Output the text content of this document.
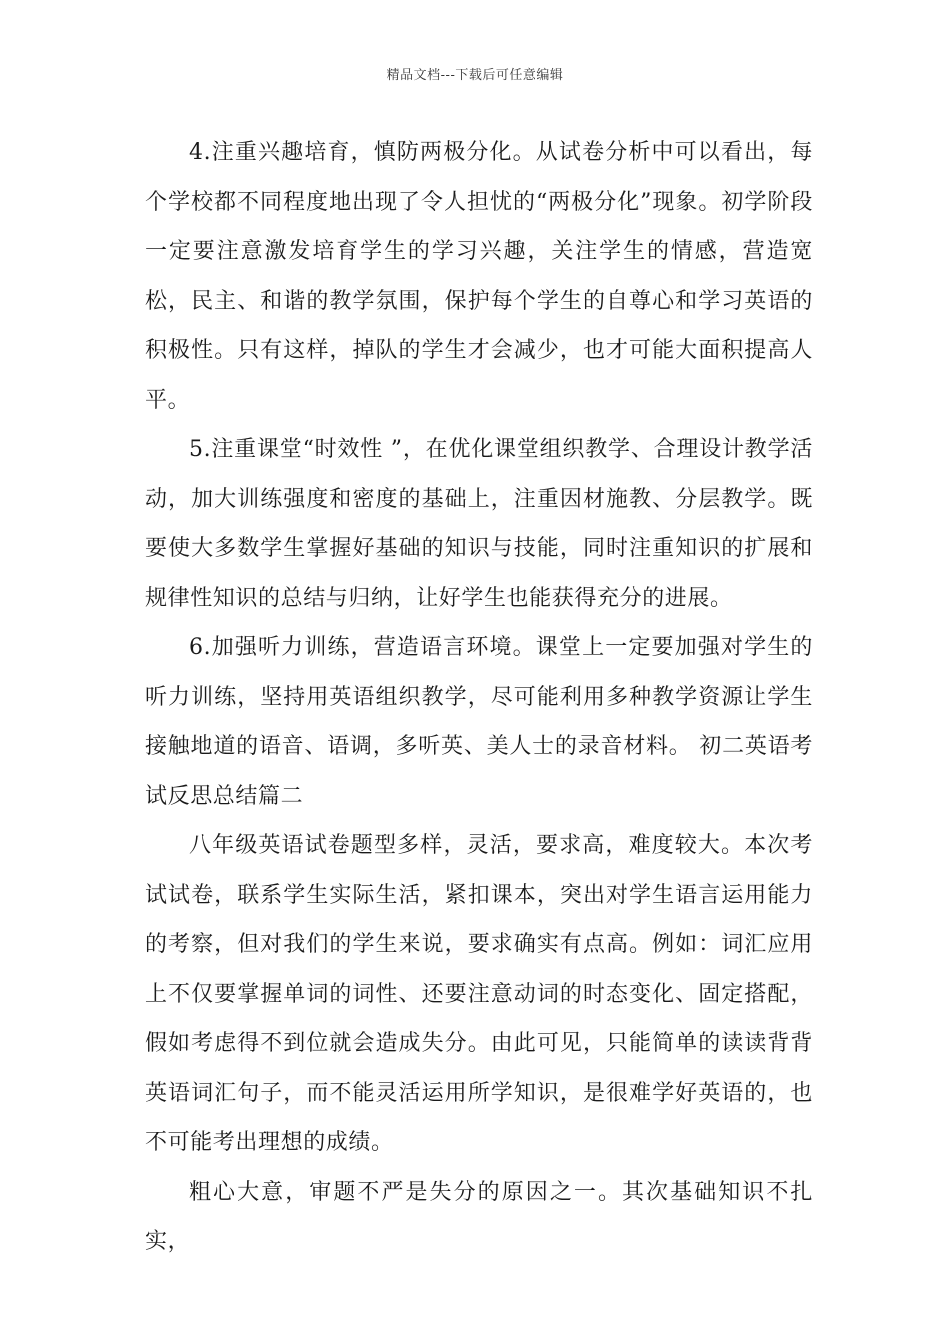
精品文档---下载后可任意编辑

4.注重兴趣培育，慎防两极分化。从试卷分析中可以看出，每个学校都不同程度地出现了令人担忧的“两极分化”现象。初学阶段一定要注意激发培育学生的学习兴趣，关注学生的情感，营造宽松，民主、和谐的教学氛围，保护每个学生的自尊心和学习英语的积极性。只有这样，掉队的学生才会减少，也才可能大面积提高人平。

5.注重课堂“时效性 ”，在优化课堂组织教学、合理设计教学活动，加大训练强度和密度的基础上，注重因材施教、分层教学。既要使大多数学生掌握好基础的知识与技能，同时注重知识的扩展和规律性知识的总结与归纳，让好学生也能获得充分的进展。

6.加强听力训练，营造语言环境。课堂上一定要加强对学生的听力训练，坚持用英语组织教学，尽可能利用多种教学资源让学生接触地道的语音、语调，多听英、美人士的录音材料。 初二英语考试反思总结篇二

八年级英语试卷题型多样，灵活，要求高，难度较大。本次考试试卷，联系学生实际生活，紧扣课本，突出对学生语言运用能力的考察，但对我们的学生来说，要求确实有点高。例如：词汇应用上不仅要掌握单词的词性、还要注意动词的时态变化、固定搭配，假如考虑得不到位就会造成失分。由此可见，只能简单的读读背背英语词汇句子，而不能灵活运用所学知识，是很难学好英语的，也不可能考出理想的成绩。

粗心大意，审题不严是失分的原因之一。其次基础知识不扎实，
